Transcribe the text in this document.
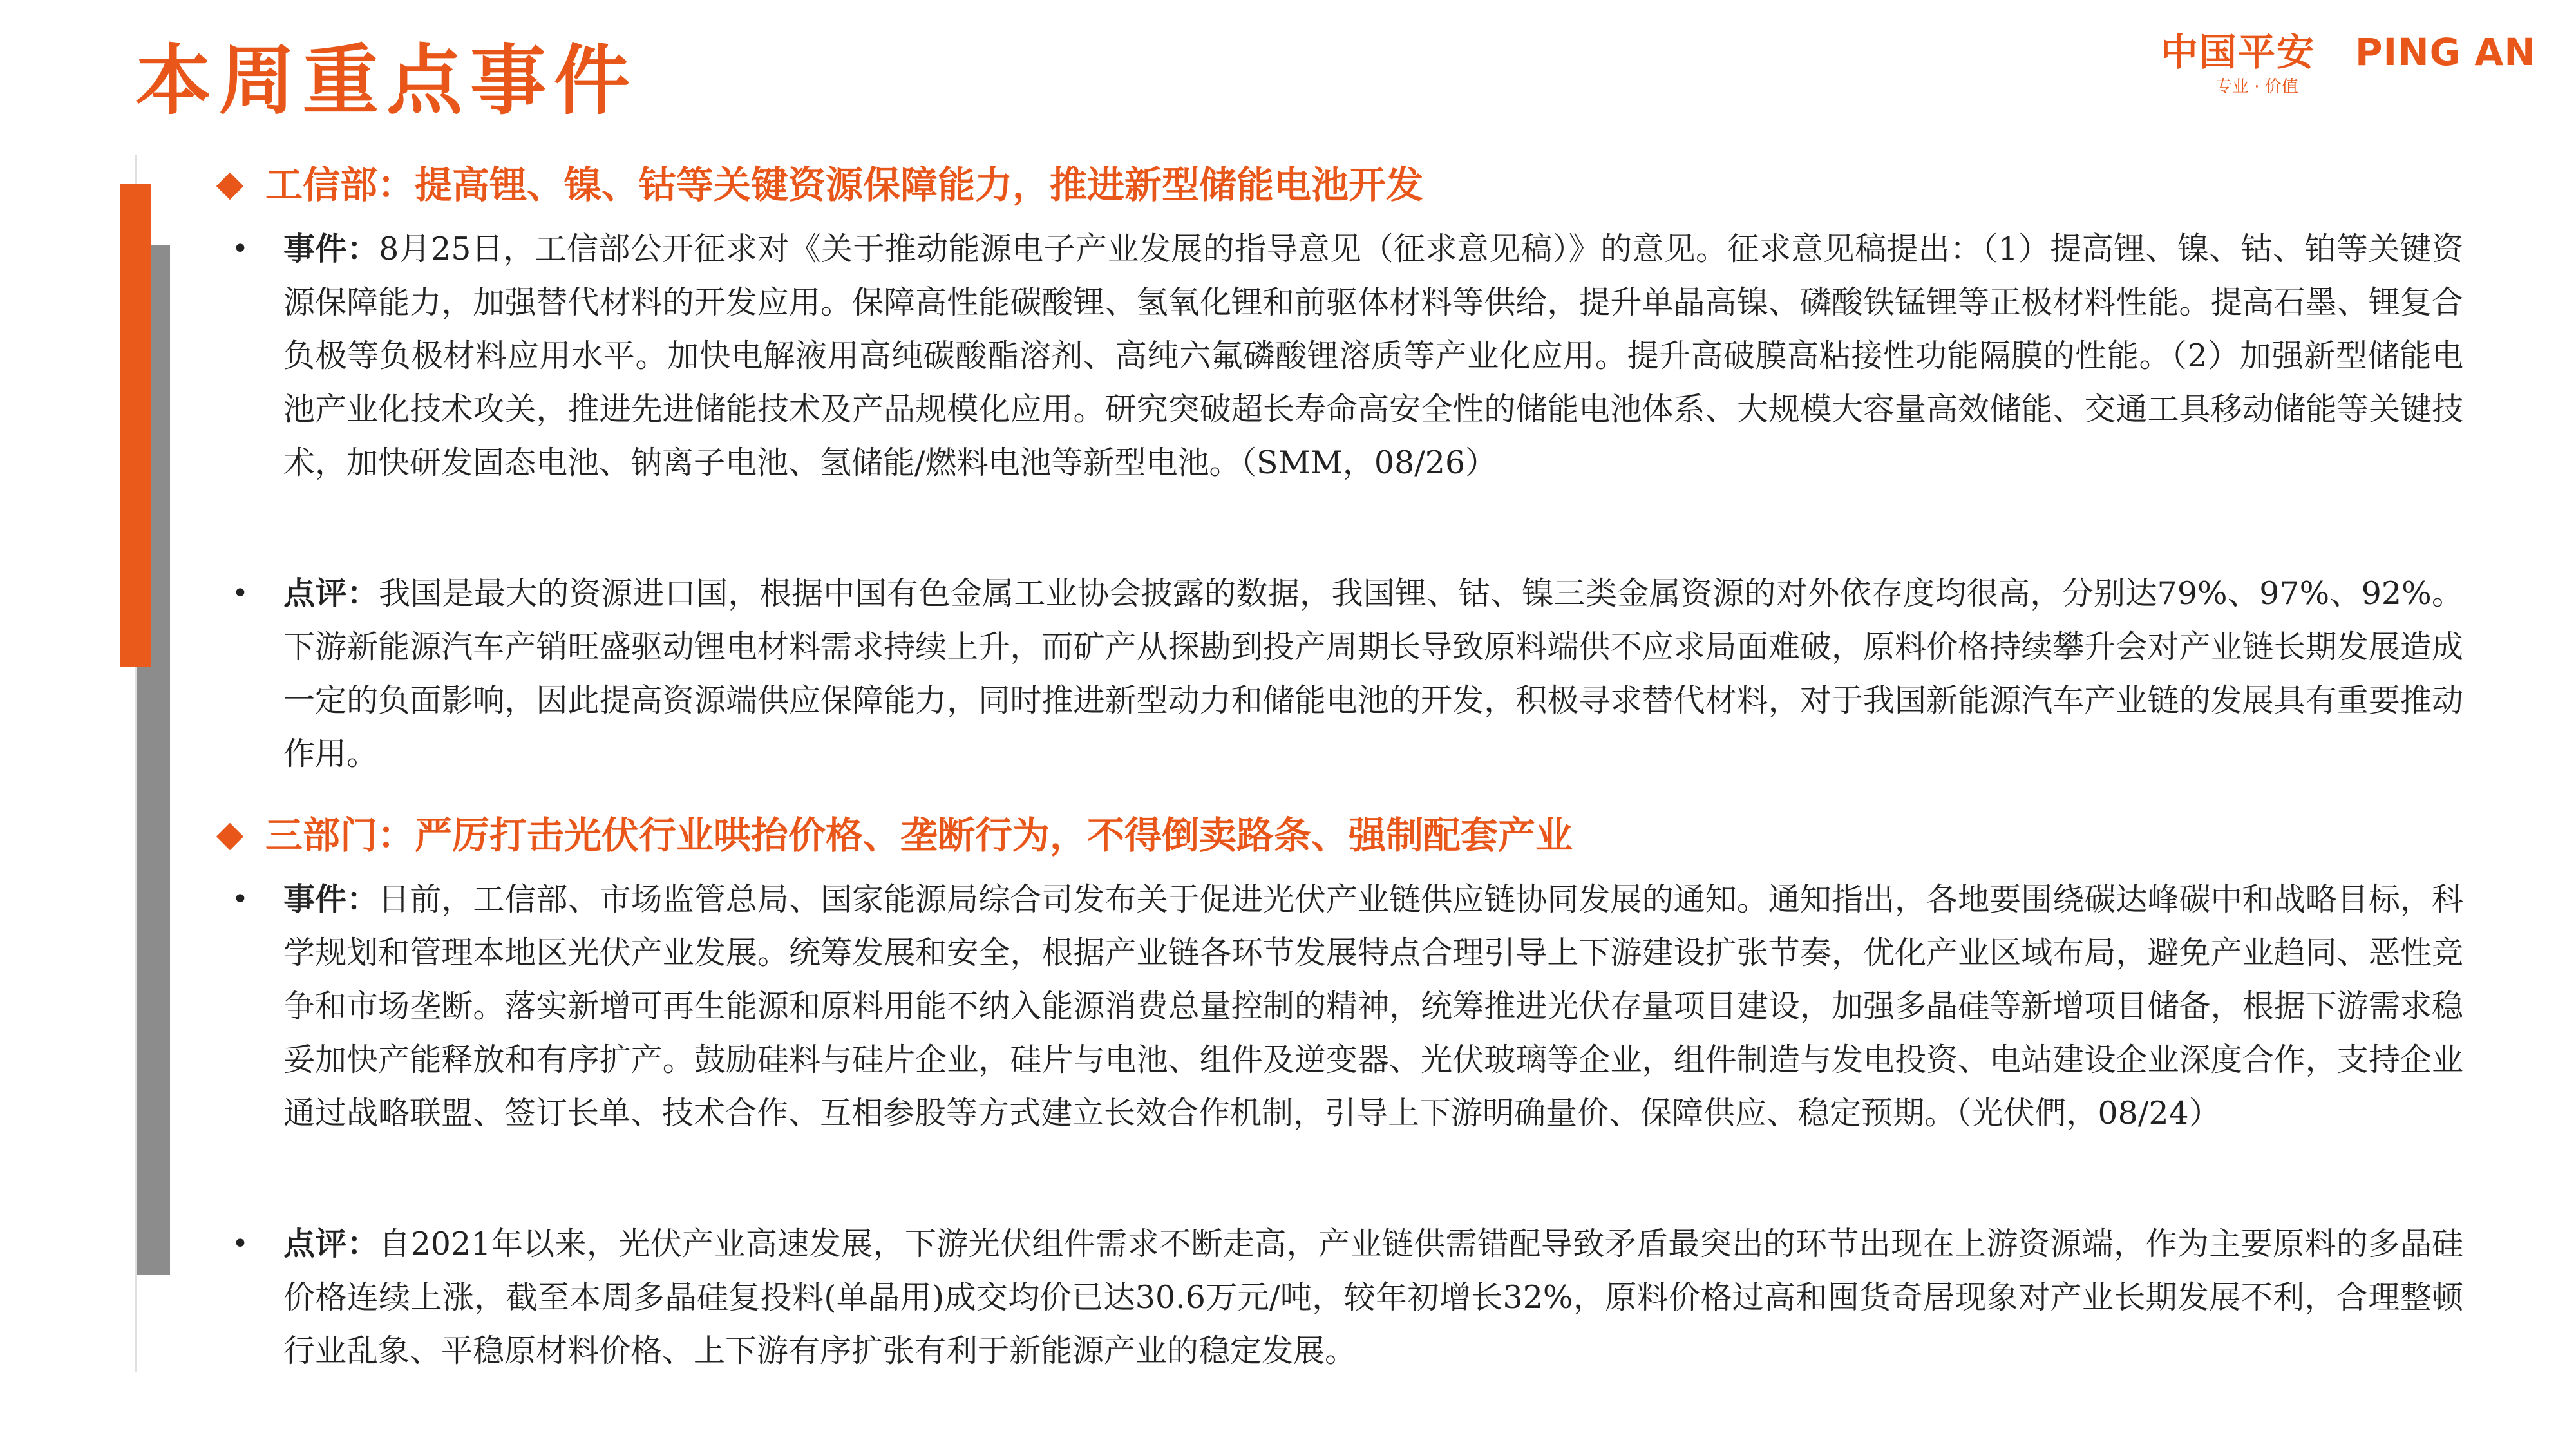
本周重点事件	中国平安 PING AN
专业 · 价值
工信部：提高锂、镍、钴等关键资源保障能力，推进新型储能电池开发
• 事件：8月25日，工信部公开征求对《关于推动能源电子产业发展的指导意见（征求意见稿）》的意见。征求意见稿提出：（1）提高锂、镍、钴、铂等关键资源保障能力，加强替代材料的开发应用。保障高性能碳酸锂、氢氧化锂和前驱体材料等供给，提升单晶高镍、磷酸铁锰锂等正极材料性能。提高石墨、锂复合负极等负极材料应用水平。加快电解液用高纯碳酸酯溶剂、高纯六氟磷酸锂溶质等产业化应用。提升高破膜高粘接性功能隔膜的性能。（2）加强新型储能电池产业化技术攻关，推进先进储能技术及产品规模化应用。研究突破超长寿命高安全性的储能电池体系、大规模大容量高效储能、交通工具移动储能等关键技术，加快研发固态电池、钠离子电池、氢储能/燃料电池等新型电池。（SMM，08/26）
• 点评：我国是最大的资源进口国，根据中国有色金属工业协会披露的数据，我国锂、钴、镍三类金属资源的对外依存度均很高，分别达79%、97%、92%。下游新能源汽车产销旺盛驱动锂电材料需求持续上升，而矿产从探勘到投产周期长导致原料端供不应求局面难破，原料价格持续攀升会对产业链长期发展造成一定的负面影响，因此提高资源端供应保障能力，同时推进新型动力和储能电池的开发，积极寻求替代材料，对于我国新能源汽车产业链的发展具有重要推动作用。
三部门：严厉打击光伏行业哄抬价格、垄断行为，不得倒卖路条、强制配套产业
• 事件：日前，工信部、市场监管总局、国家能源局综合司发布关于促进光伏产业链供应链协同发展的通知。通知指出，各地要围绕碳达峰碳中和战略目标，科学规划和管理本地区光伏产业发展。统筹发展和安全，根据产业链各环节发展特点合理引导上下游建设扩张节奏，优化产业区域布局，避免产业趋同、恶性竞争和市场垄断。落实新增可再生能源和原料用能不纳入能源消费总量控制的精神，统筹推进光伏存量项目建设，加强多晶硅等新增项目储备，根据下游需求稳妥加快产能释放和有序扩产。鼓励硅料与硅片企业，硅片与电池、组件及逆变器、光伏玻璃等企业，组件制造与发电投资、电站建设企业深度合作，支持企业通过战略联盟、签订长单、技术合作、互相参股等方式建立长效合作机制，引导上下游明确量价、保障供应、稳定预期。（光伏們，08/24）
• 点评：自2021年以来，光伏产业高速发展，下游光伏组件需求不断走高，产业链供需错配导致矛盾最突出的环节出现在上游资源端，作为主要原料的多晶硅价格连续上涨，截至本周多晶硅复投料(单晶用)成交均价已达30.6万元/吨，较年初增长32%，原料价格过高和囤货奇居现象对产业长期发展不利，合理整顿行业乱象、平稳原材料价格、上下游有序扩张有利于新能源产业的稳定发展。
